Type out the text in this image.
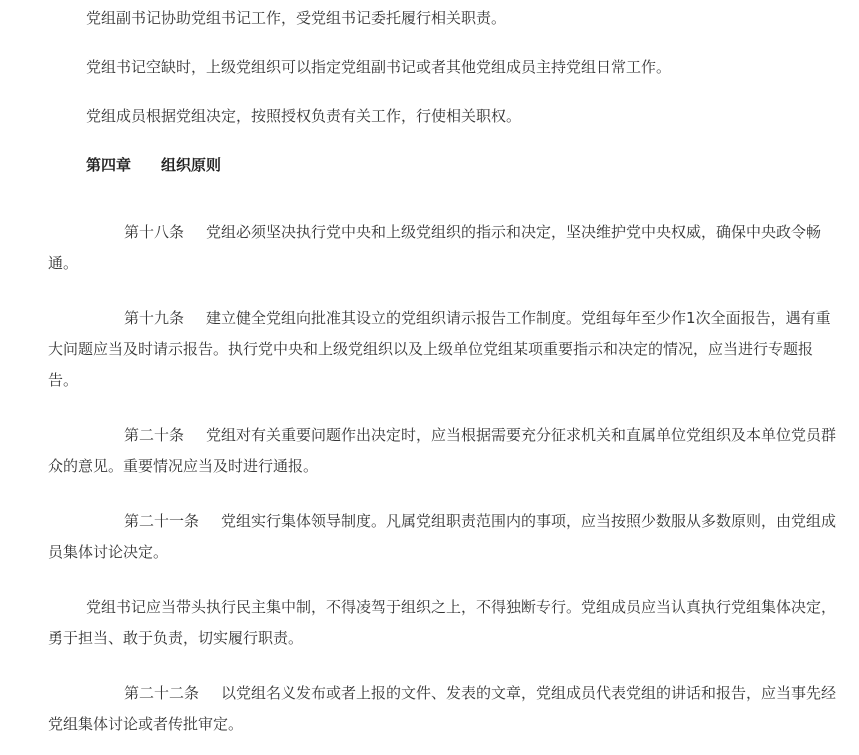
党组副书记协助党组书记工作，受党组书记委托履行相关职责。

党组书记空缺时，上级党组织可以指定党组副书记或者其他党组成员主持党组日常工作。

党组成员根据党组决定，按照授权负责有关工作，行使相关职权。

第四章　　组织原则

第十八条 党组必须坚决执行党中央和上级党组织的指示和决定，坚决维护党中央权威，确保中央政令畅通。

第十九条 建立健全党组向批准其设立的党组织请示报告工作制度。党组每年至少作1次全面报告，遇有重大问题应当及时请示报告。执行党中央和上级党组织以及上级单位党组某项重要指示和决定的情况，应当进行专题报告。

第二十条 党组对有关重要问题作出决定时，应当根据需要充分征求机关和直属单位党组织及本单位党员群众的意见。重要情况应当及时进行通报。

第二十一条 党组实行集体领导制度。凡属党组职责范围内的事项，应当按照少数服从多数原则，由党组成员集体讨论决定。

党组书记应当带头执行民主集中制，不得凌驾于组织之上，不得独断专行。党组成员应当认真执行党组集体决定，勇于担当、敢于负责，切实履行职责。

第二十二条 以党组名义发布或者上报的文件、发表的文章，党组成员代表党组的讲话和报告，应当事先经党组集体讨论或者传批审定。
